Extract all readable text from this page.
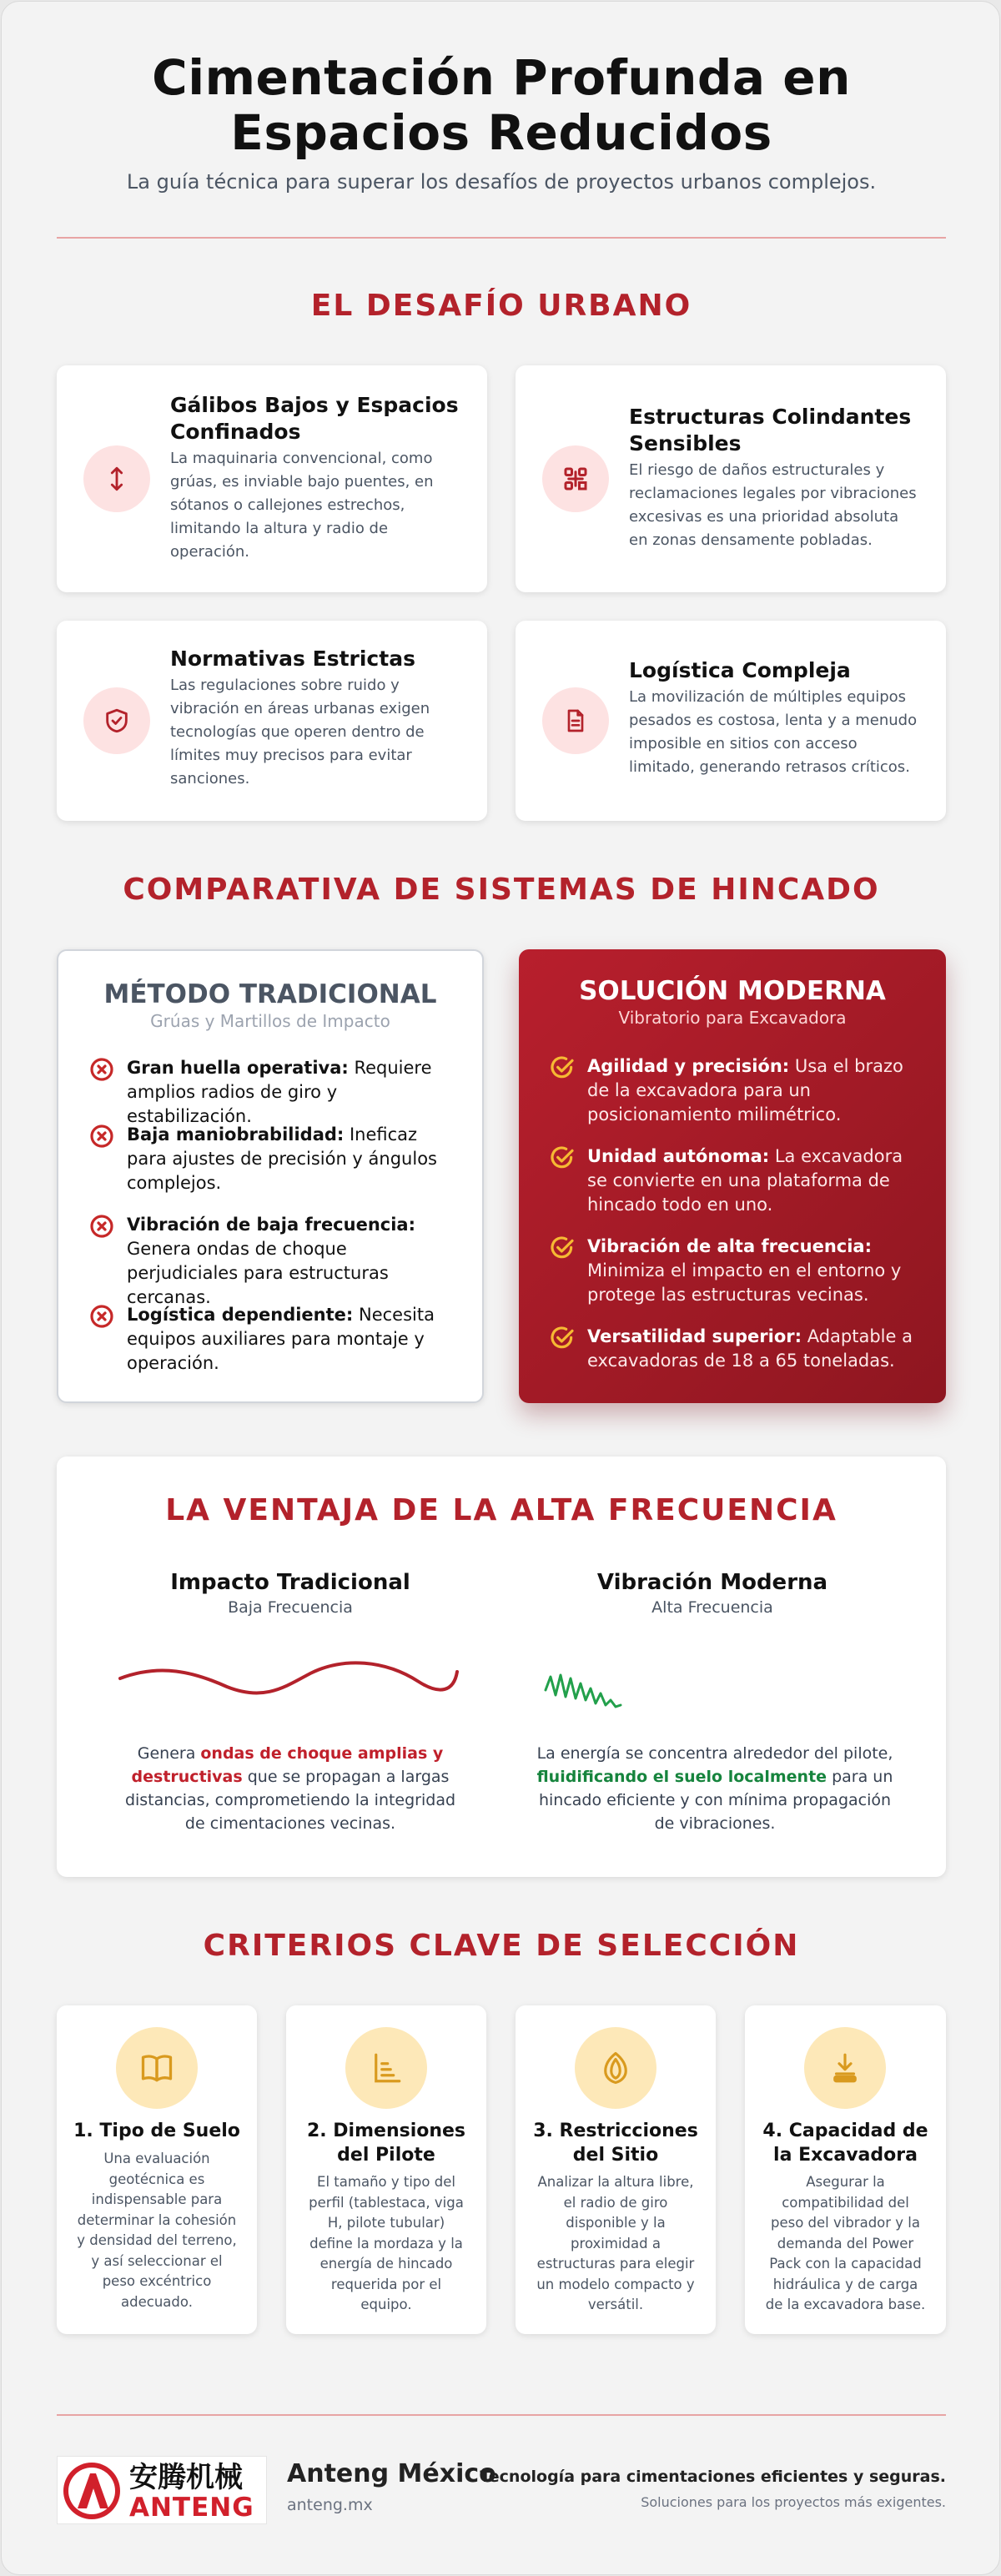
Cimentación Profunda en
Espacios Reducidos
La guía técnica para superar los desafíos de proyectos urbanos complejos.
EL DESAFÍO URBANO
Gálibos Bajos y Espacios Confinados
La maquinaria convencional, como grúas, es inviable bajo puentes, en sótanos o callejones estrechos, limitando la altura y radio de operación.
Estructuras Colindantes Sensibles
El riesgo de daños estructurales y reclamaciones legales por vibraciones excesivas es una prioridad absoluta en zonas densamente pobladas.
Normativas Estrictas
Las regulaciones sobre ruido y vibración en áreas urbanas exigen tecnologías que operen dentro de límites muy precisos para evitar sanciones.
Logística Compleja
La movilización de múltiples equipos pesados es costosa, lenta y a menudo imposible en sitios con acceso limitado, generando retrasos críticos.
COMPARATIVA DE SISTEMAS DE HINCADO
MÉTODO TRADICIONAL
Grúas y Martillos de Impacto
Gran huella operativa: Requiere amplios radios de giro y estabilización.
Baja maniobrabilidad: Ineficaz para ajustes de precisión y ángulos complejos.
Vibración de baja frecuencia: Genera ondas de choque perjudiciales para estructuras cercanas.
Logística dependiente: Necesita equipos auxiliares para montaje y operación.
SOLUCIÓN MODERNA
Vibratorio para Excavadora
Agilidad y precisión: Usa el brazo de la excavadora para un posicionamiento milimétrico.
Unidad autónoma: La excavadora se convierte en una plataforma de hincado todo en uno.
Vibración de alta frecuencia: Minimiza el impacto en el entorno y protege las estructuras vecinas.
Versatilidad superior: Adaptable a excavadoras de 18 a 65 toneladas.
LA VENTAJA DE LA ALTA FRECUENCIA
Impacto Tradicional
Baja Frecuencia
Genera ondas de choque amplias y destructivas que se propagan a largas distancias, comprometiendo la integridad de cimentaciones vecinas.
Vibración Moderna
Alta Frecuencia
La energía se concentra alrededor del pilote, fluidificando el suelo localmente para un hincado eficiente y con mínima propagación de vibraciones.
CRITERIOS CLAVE DE SELECCIÓN
1. Tipo de Suelo
Una evaluación geotécnica es indispensable para determinar la cohesión y densidad del terreno, y así seleccionar el peso excéntrico adecuado.
2. Dimensiones del Pilote
El tamaño y tipo del perfil (tablestaca, viga H, pilote tubular) define la mordaza y la energía de hincado requerida por el equipo.
3. Restricciones del Sitio
Analizar la altura libre, el radio de giro disponible y la proximidad a estructuras para elegir un modelo compacto y versátil.
4. Capacidad de la Excavadora
Asegurar la compatibilidad del peso del vibrador y la demanda del Power Pack con la capacidad hidráulica y de carga de la excavadora base.
安腾机械
ANTENG
Anteng México
anteng.mx
Tecnología para cimentaciones eficientes y seguras.
Soluciones para los proyectos más exigentes.
